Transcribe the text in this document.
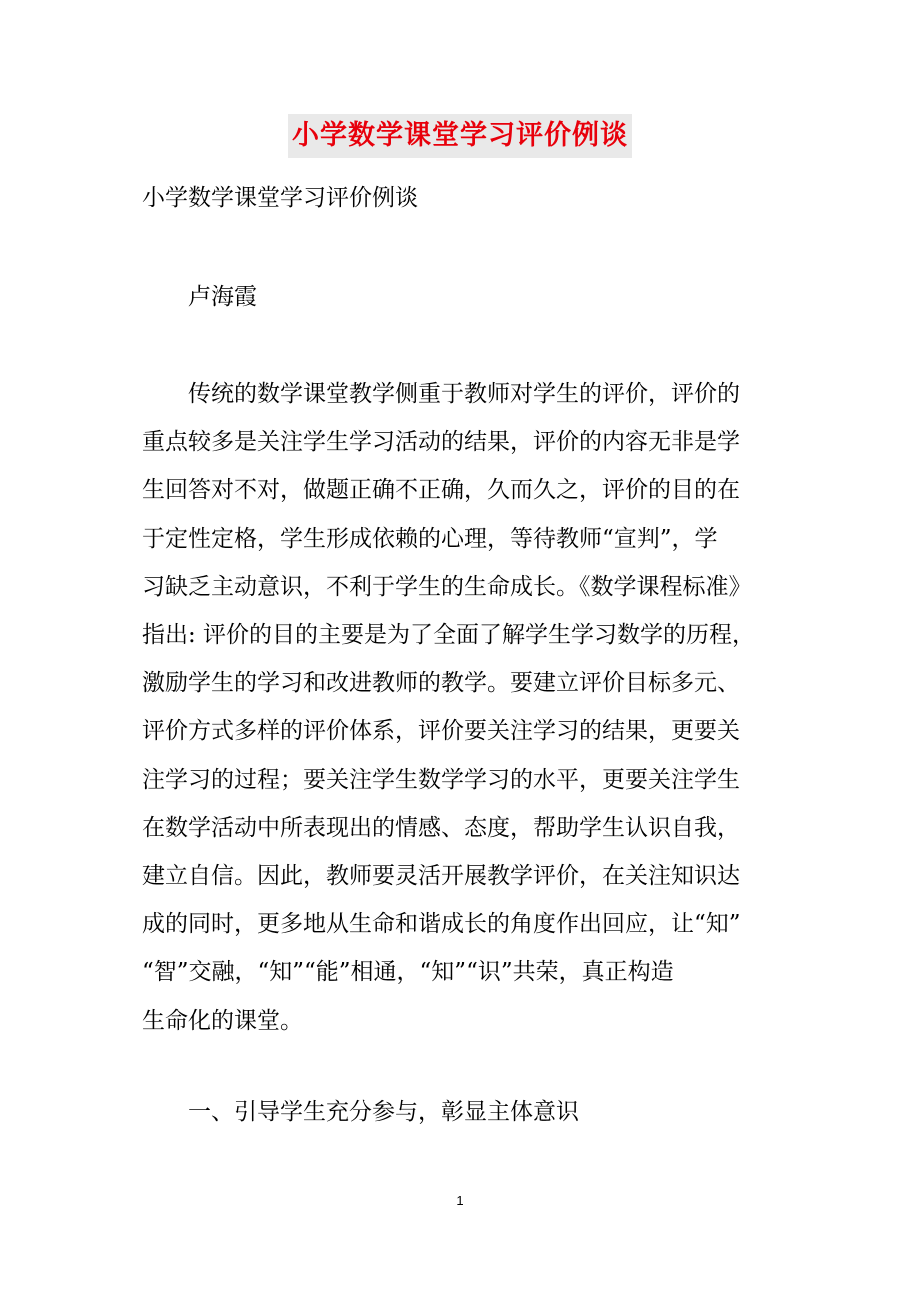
小学数学课堂学习评价例谈
小学数学课堂学习评价例谈
卢海霞
传统的数学课堂教学侧重于教师对学生的评价，评价的
重点较多是关注学生学习活动的结果，评价的内容无非是学
生回答对不对，做题正确不正确，久而久之，评价的目的在
于定性定格，学生形成依赖的心理，等待教师“宣判”，学
习缺乏主动意识，不利于学生的生命成长。《数学课程标准》
指出: 评价的目的主要是为了全面了解学生学习数学的历程，
激励学生的学习和改进教师的教学。要建立评价目标多元、
评价方式多样的评价体系，评价要关注学习的结果，更要关
注学习的过程；要关注学生数学学习的水平，更要关注学生
在数学活动中所表现出的情感、态度，帮助学生认识自我，
建立自信。因此，教师要灵活开展教学评价，在关注知识达
成的同时，更多地从生命和谐成长的角度作出回应，让“知”
“智”交融，“知”“能”相通，“知”“识”共荣，真正构造
生命化的课堂。
一、引导学生充分参与，彰显主体意识
1
